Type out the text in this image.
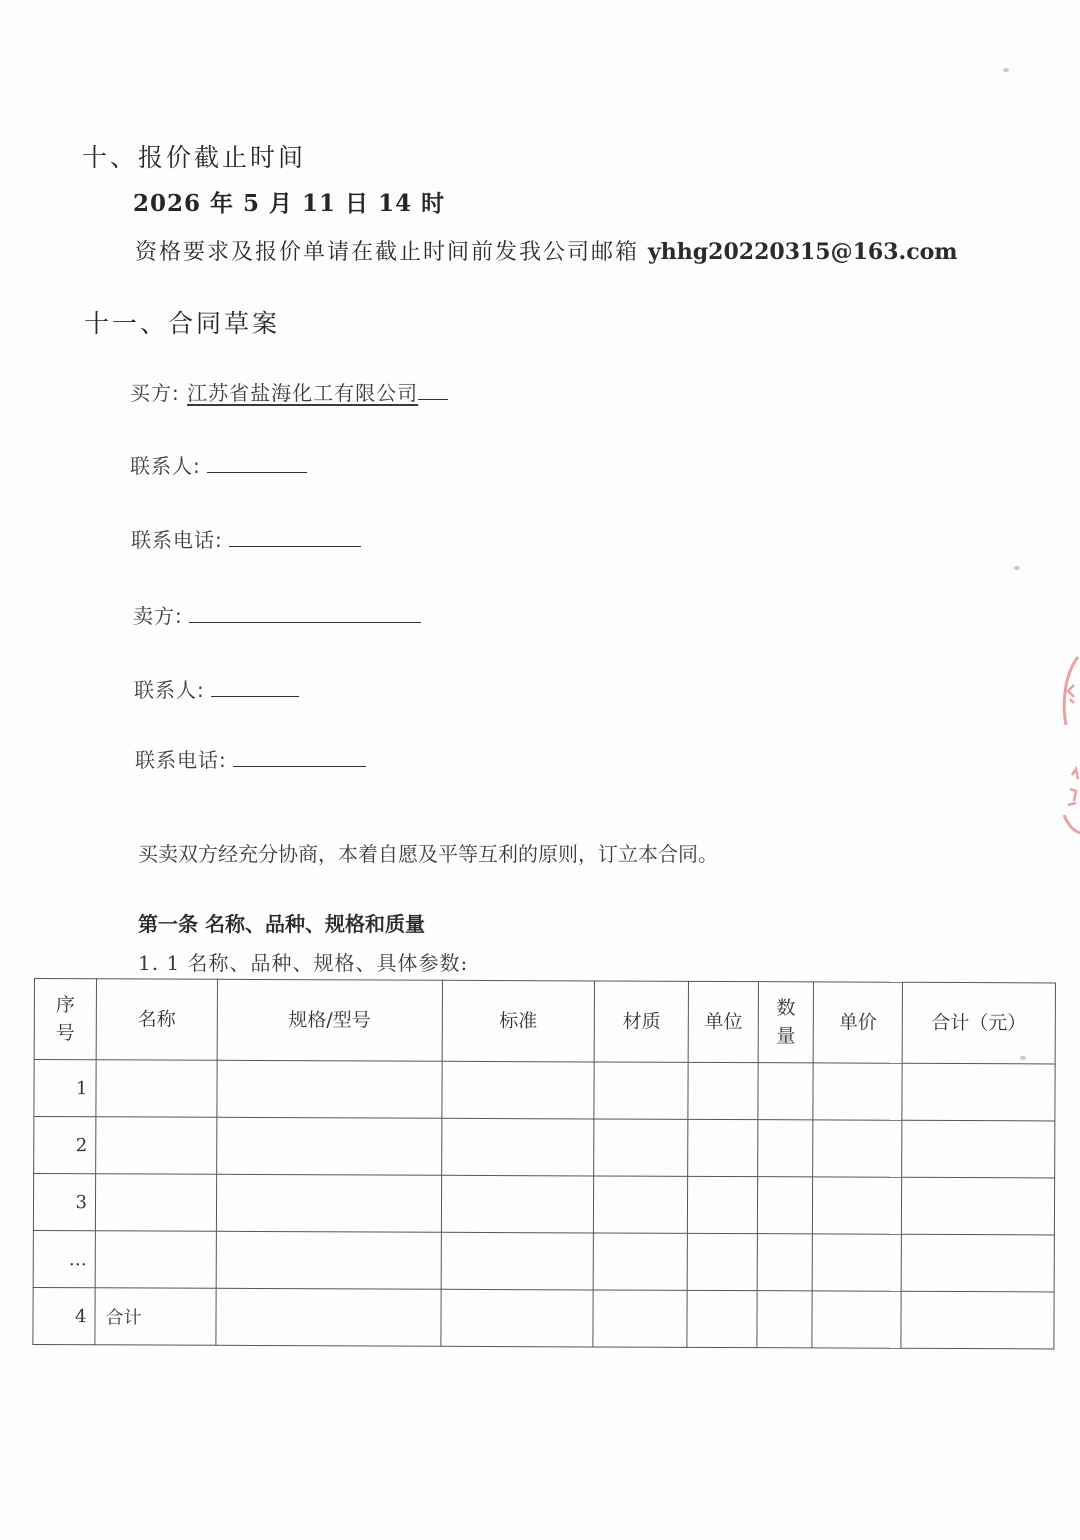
十、报价截止时间
2026 年 5 月 11 日 14 时
资格要求及报价单请在截止时间前发我公司邮箱 yhhg20220315@163.com
十一、合同草案
买方: 江苏省盐海化工有限公司
联系人:
联系电话:
卖方:
联系人:
联系电话:
买卖双方经充分协商，本着自愿及平等互利的原则，订立本合同。
第一条 名称、品种、规格和质量
1. 1 名称、品种、规格、具体参数:
序号	名称	规格/型号	标准	材质	单位	数量	单价	合计（元）
1								
2								
3								
…								
4	合计							
